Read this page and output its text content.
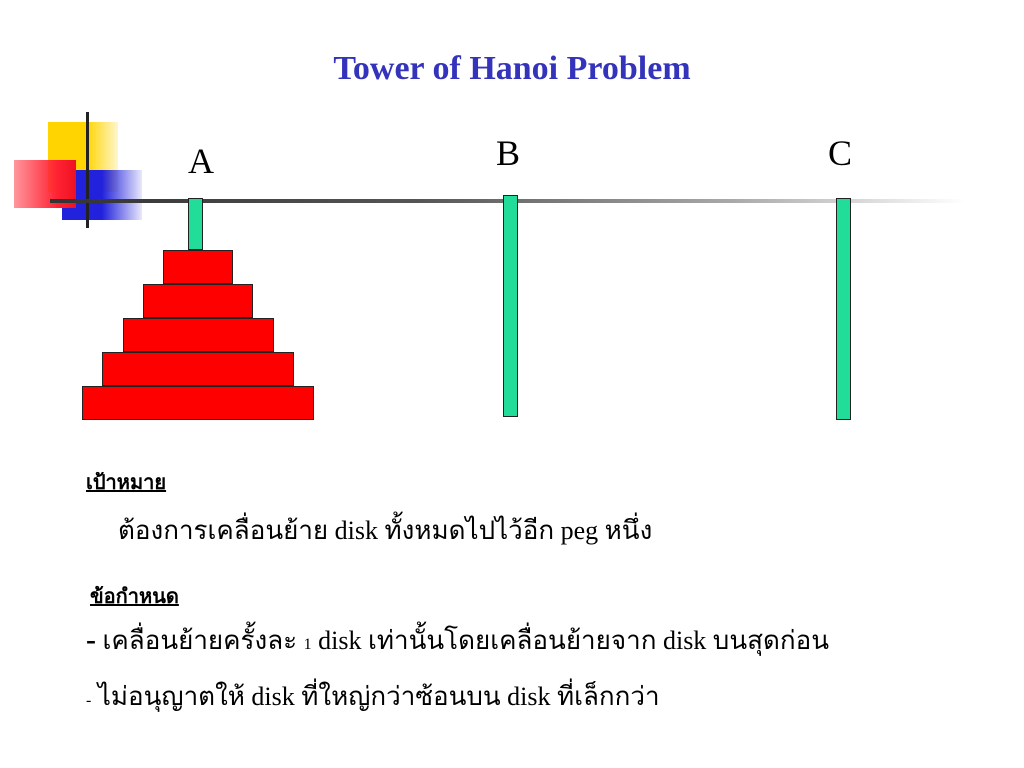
Tower of Hanoi Problem
A	B	C
เป้าหมาย
ต้องการเคลื่อนย้าย disk ทั้งหมดไปไว้อีก peg หนึ่ง
ข้อกำหนด
- เคลื่อนย้ายครั้งละ 1 disk เท่านั้นโดยเคลื่อนย้ายจาก disk บนสุดก่อน
- ไม่อนุญาตให้ disk ที่ใหญ่กว่าซ้อนบน disk ที่เล็กกว่า
